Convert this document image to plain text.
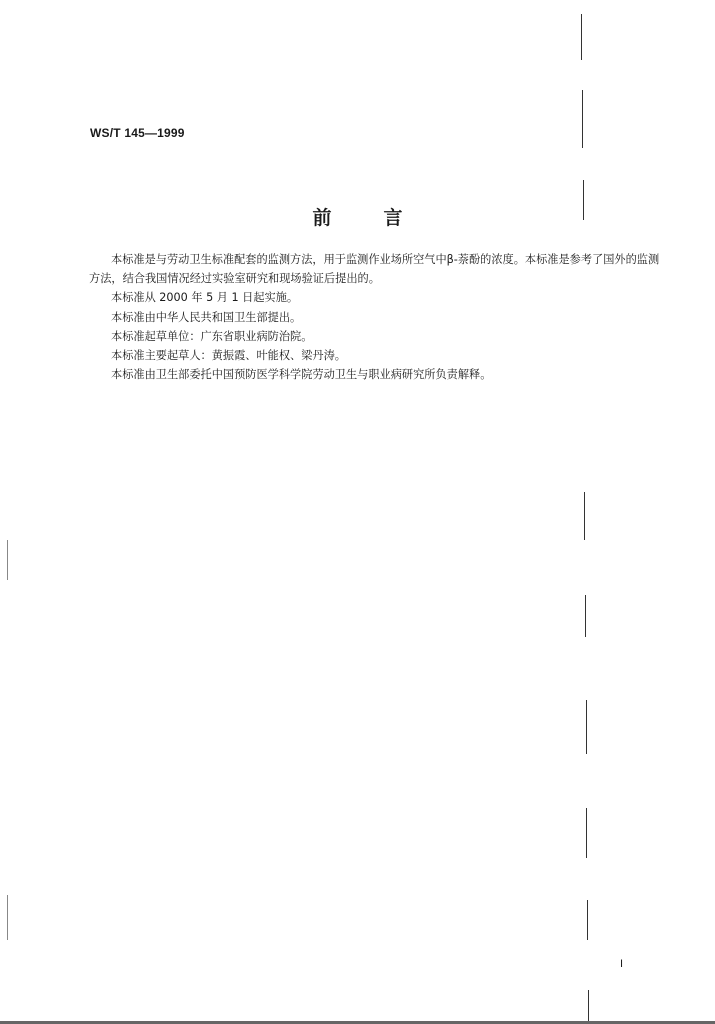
WS/T 145—1999
前	言

本标准是与劳动卫生标准配套的监测方法，用于监测作业场所空气中β-萘酚的浓度。本标准是参考了国外的监测方法，结合我国情况经过实验室研究和现场验证后提出的。

本标准从 2000 年 5 月 1 日起实施。

本标准由中华人民共和国卫生部提出。

本标准起草单位：广东省职业病防治院。

本标准主要起草人：黄振霞、叶能权、梁丹涛。

本标准由卫生部委托中国预防医学科学院劳动卫生与职业病研究所负责解释。

I
